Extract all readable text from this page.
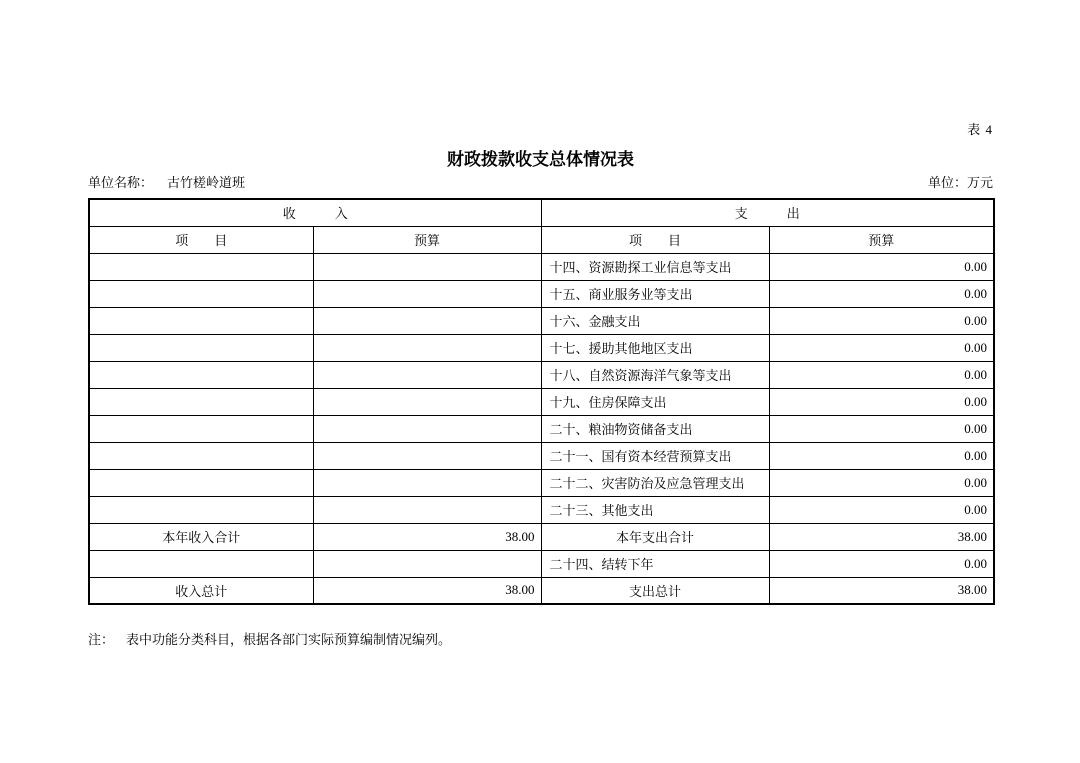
表 4
财政拨款收支总体情况表
单位名称： 古竹槎岭道班	单位：万元
收　　　入		支　　　出	
项　　目	预算	项　　目	预算
		十四、资源勘探工业信息等支出	0.00
		十五、商业服务业等支出	0.00
		十六、金融支出	0.00
		十七、援助其他地区支出	0.00
		十八、自然资源海洋气象等支出	0.00
		十九、住房保障支出	0.00
		二十、粮油物资储备支出	0.00
		二十一、国有资本经营预算支出	0.00
		二十二、灾害防治及应急管理支出	0.00
		二十三、其他支出	0.00
本年收入合计	38.00	本年支出合计	38.00
		二十四、结转下年	0.00
收入总计	38.00	支出总计	38.00
注： 表中功能分类科目，根据各部门实际预算编制情况编列。
